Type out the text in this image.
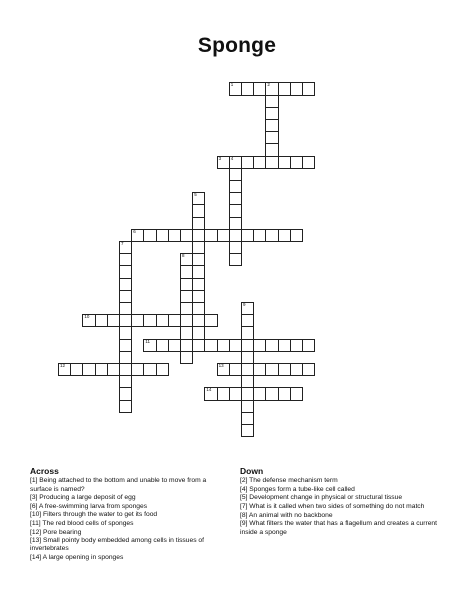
Sponge
1	2
3 4
5
6
7
8
9
10
11
12	13
14
Across
[1] Being attached to the bottom and unable to move from a surface is named?
[3] Producing a large deposit of egg
[6] A free-swimming larva from sponges
[10] Filters through the water to get its food
[11] The red blood cells of sponges
[12] Pore bearing
[13] Small pointy body embedded among cells in tissues of invertebrates
[14] A large opening in sponges
Down
[2] The defense mechanism term
[4] Sponges form a tube-like cell called
[5] Development change in physical or structural tissue
[7] What is it called when two sides of something do not match
[8] An animal with no backbone
[9] What filters the water that has a flagellum and creates a current inside a sponge
